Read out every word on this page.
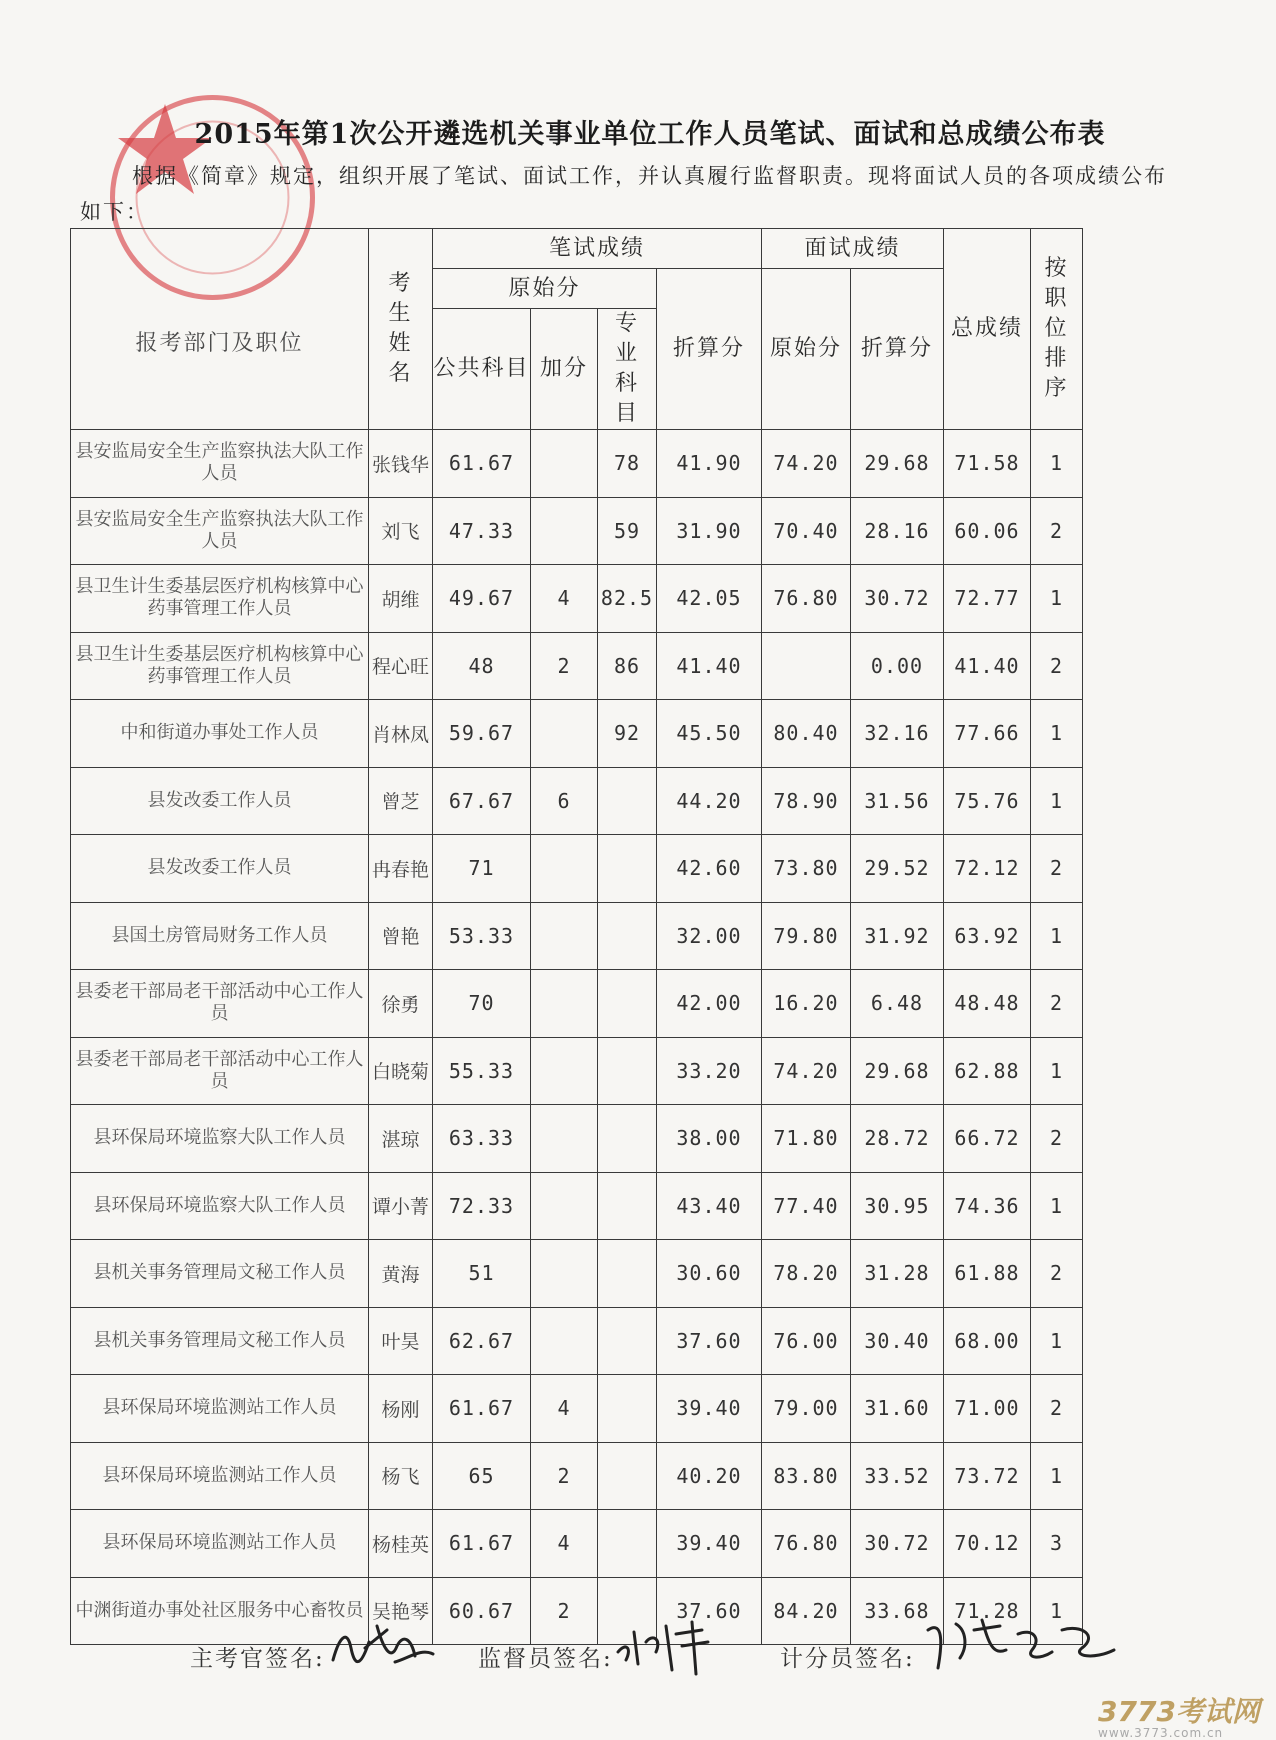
2015年第1次公开遴选机关事业单位工作人员笔试、面试和总成绩公布表

根据《简章》规定，组织开展了笔试、面试工作，并认真履行监督职责。现将面试人员的各项成绩公布如下：

报考部门及职位	考生姓名	笔试成绩				面试成绩		总成绩	按职位排序
		原始分			折算分	原始分	折算分		
		公共科目	加分	专业科目					
县安监局安全生产监察执法大队工作人员	张钱华	61.67		78	41.90	74.20	29.68	71.58	1
县安监局安全生产监察执法大队工作人员	刘飞	47.33		59	31.90	70.40	28.16	60.06	2
县卫生计生委基层医疗机构核算中心药事管理工作人员	胡维	49.67	4	82.5	42.05	76.80	30.72	72.77	1
县卫生计生委基层医疗机构核算中心药事管理工作人员	程心旺	48	2	86	41.40		0.00	41.40	2
中和街道办事处工作人员	肖林凤	59.67		92	45.50	80.40	32.16	77.66	1
县发改委工作人员	曾芝	67.67	6		44.20	78.90	31.56	75.76	1
县发改委工作人员	冉春艳	71			42.60	73.80	29.52	72.12	2
县国土房管局财务工作人员	曾艳	53.33			32.00	79.80	31.92	63.92	1
县委老干部局老干部活动中心工作人员	徐勇	70			42.00	16.20	6.48	48.48	2
县委老干部局老干部活动中心工作人员	白晓菊	55.33			33.20	74.20	29.68	62.88	1
县环保局环境监察大队工作人员	湛琼	63.33			38.00	71.80	28.72	66.72	2
县环保局环境监察大队工作人员	谭小菁	72.33			43.40	77.40	30.95	74.36	1
县机关事务管理局文秘工作人员	黄海	51			30.60	78.20	31.28	61.88	2
县机关事务管理局文秘工作人员	叶昊	62.67			37.60	76.00	30.40	68.00	1
县环保局环境监测站工作人员	杨刚	61.67	4		39.40	79.00	31.60	71.00	2
县环保局环境监测站工作人员	杨飞	65	2		40.20	83.80	33.52	73.72	1
县环保局环境监测站工作人员	杨桂英	61.67	4		39.40	76.80	30.72	70.12	3
中渊街道办事处社区服务中心畜牧员	吴艳琴	60.67	2		37.60	84.20	33.68	71.28	1
主考官签名:	监督员签名:	计分员签名:
3773考试网
www.3773.com.cn
